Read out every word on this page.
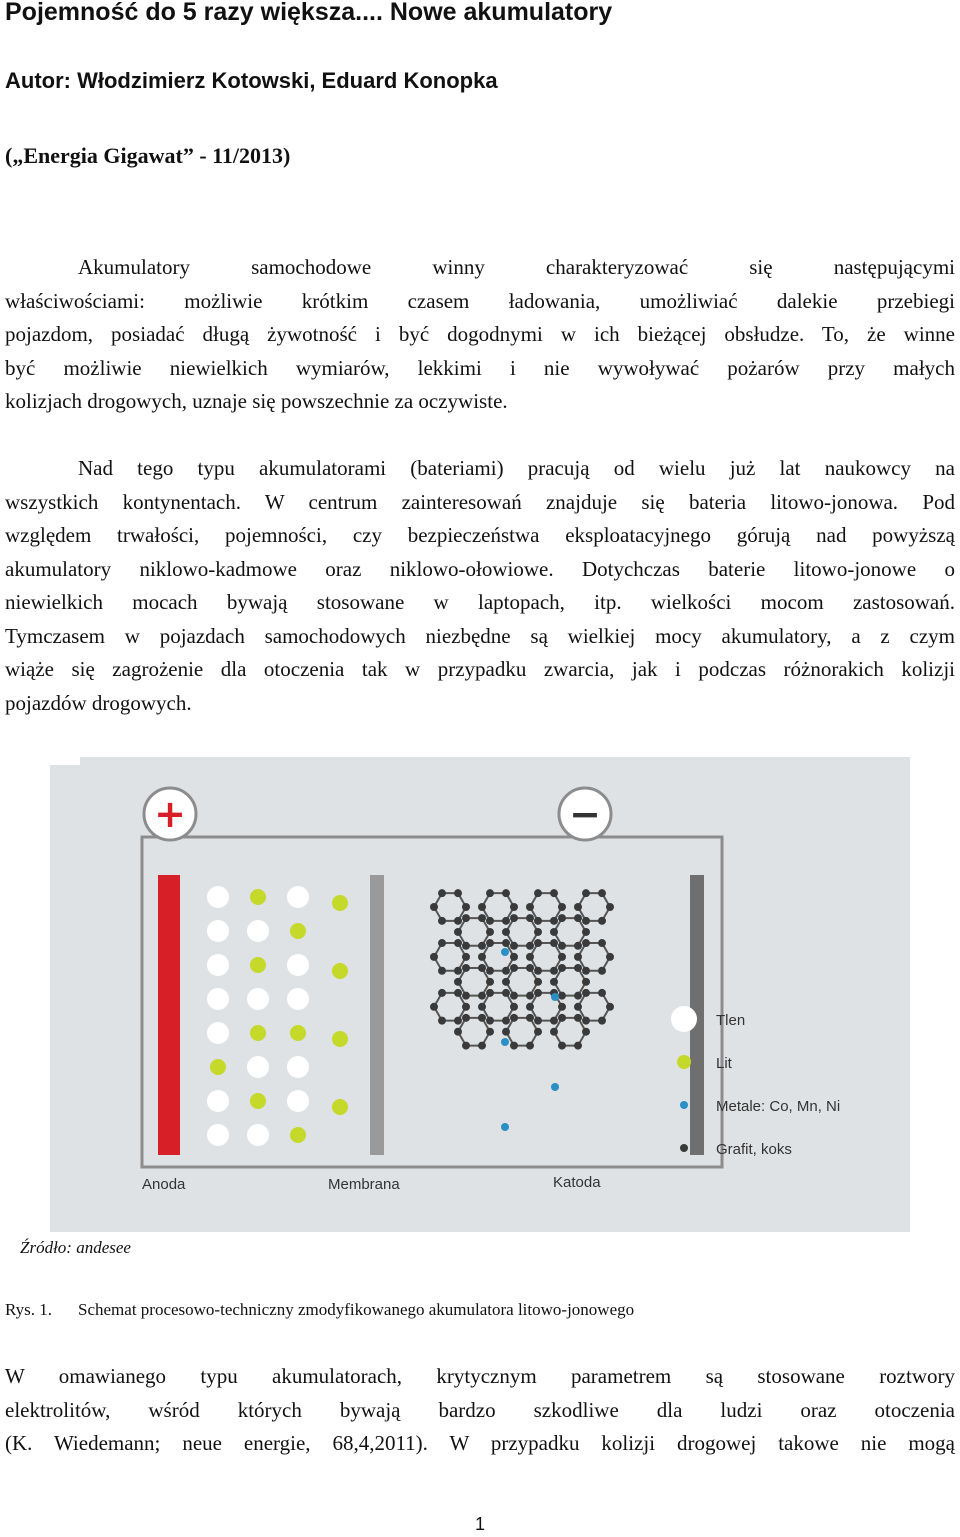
Pojemność do 5 razy większa.... Nowe akumulatory
Autor: Włodzimierz Kotowski, Eduard Konopka
(„Energia Gigawat” - 11/2013)
Akumulatory samochodowe winny charakteryzować się następującymi
właściwościami: możliwie krótkim czasem ładowania, umożliwiać dalekie przebiegi
pojazdom, posiadać długą żywotność i być dogodnymi w ich bieżącej obsłudze. To, że winne
być możliwie niewielkich wymiarów, lekkimi i nie wywoływać pożarów przy małych
kolizjach drogowych, uznaje się powszechnie za oczywiste.
Nad tego typu akumulatorami (bateriami) pracują od wielu już lat naukowcy na
wszystkich kontynentach. W centrum zainteresowań znajduje się bateria litowo-jonowa. Pod
względem trwałości, pojemności, czy bezpieczeństwa eksploatacyjnego górują nad powyższą
akumulatory niklowo-kadmowe oraz niklowo-ołowiowe. Dotychczas baterie litowo-jonowe o
niewielkich mocach bywają stosowane w laptopach, itp. wielkości mocom zastosowań.
Tymczasem w pojazdach samochodowych niezbędne są wielkiej mocy akumulatory, a z czym
wiąże się zagrożenie dla otoczenia tak w przypadku zwarcia, jak i podczas różnorakich kolizji
pojazdów drogowych.
+	−
Anoda	Membrana	Katoda
Tlen
Lit
Metale: Co, Mn, Ni
Grafit, koks
Źródło: andesee
Rys. 1. Schemat procesowo-techniczny zmodyfikowanego akumulatora litowo-jonowego
W omawianego typu akumulatorach, krytycznym parametrem są stosowane roztwory
elektrolitów, wśród których bywają bardzo szkodliwe dla ludzi oraz otoczenia
(K. Wiedemann; neue energie, 68,4,2011). W przypadku kolizji drogowej takowe nie mogą
1
